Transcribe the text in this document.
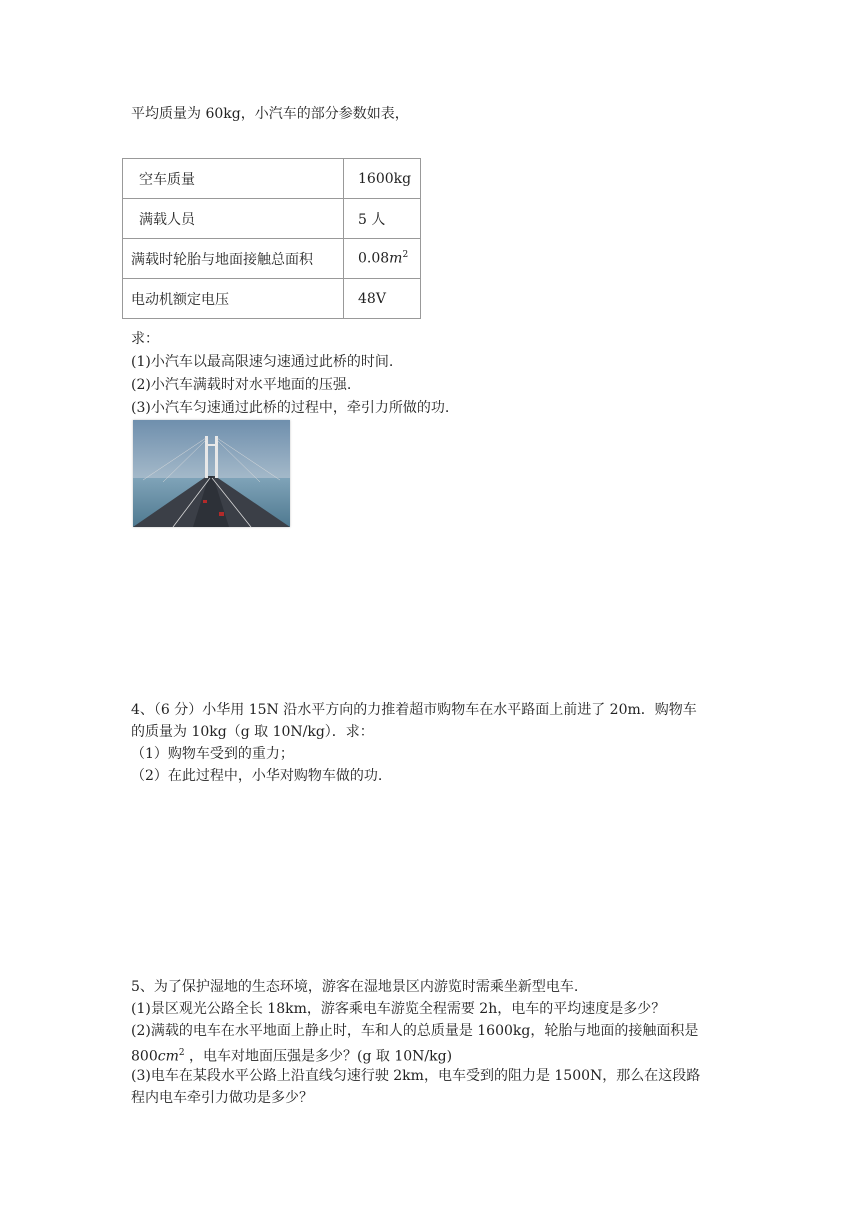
平均质量为 60kg，小汽车的部分参数如表，
空车质量	1600kg
满载人员	5 人
满载时轮胎与地面接触总面积	$0.08m^2$
电动机额定电压	48V
求：
(1)小汽车以最高限速匀速通过此桥的时间.
(2)小汽车满载时对水平地面的压强.
(3)小汽车匀速通过此桥的过程中，牵引力所做的功.
4、（6 分）小华用 15N 沿水平方向的力推着超市购物车在水平路面上前进了 20m．购物车
的质量为 10kg（g 取 10N/kg）．求：
（1）购物车受到的重力；
（2）在此过程中，小华对购物车做的功.
5、为了保护湿地的生态环境，游客在湿地景区内游览时需乘坐新型电车.
(1)景区观光公路全长 18km，游客乘电车游览全程需要 2h，电车的平均速度是多少？
(2)满载的电车在水平地面上静止时，车和人的总质量是 1600kg，轮胎与地面的接触面积是
$800cm^2$ ，电车对地面压强是多少？(g 取 10N/kg)
(3)电车在某段水平公路上沿直线匀速行驶 2km，电车受到的阻力是 1500N，那么在这段路
程内电车牵引力做功是多少？
